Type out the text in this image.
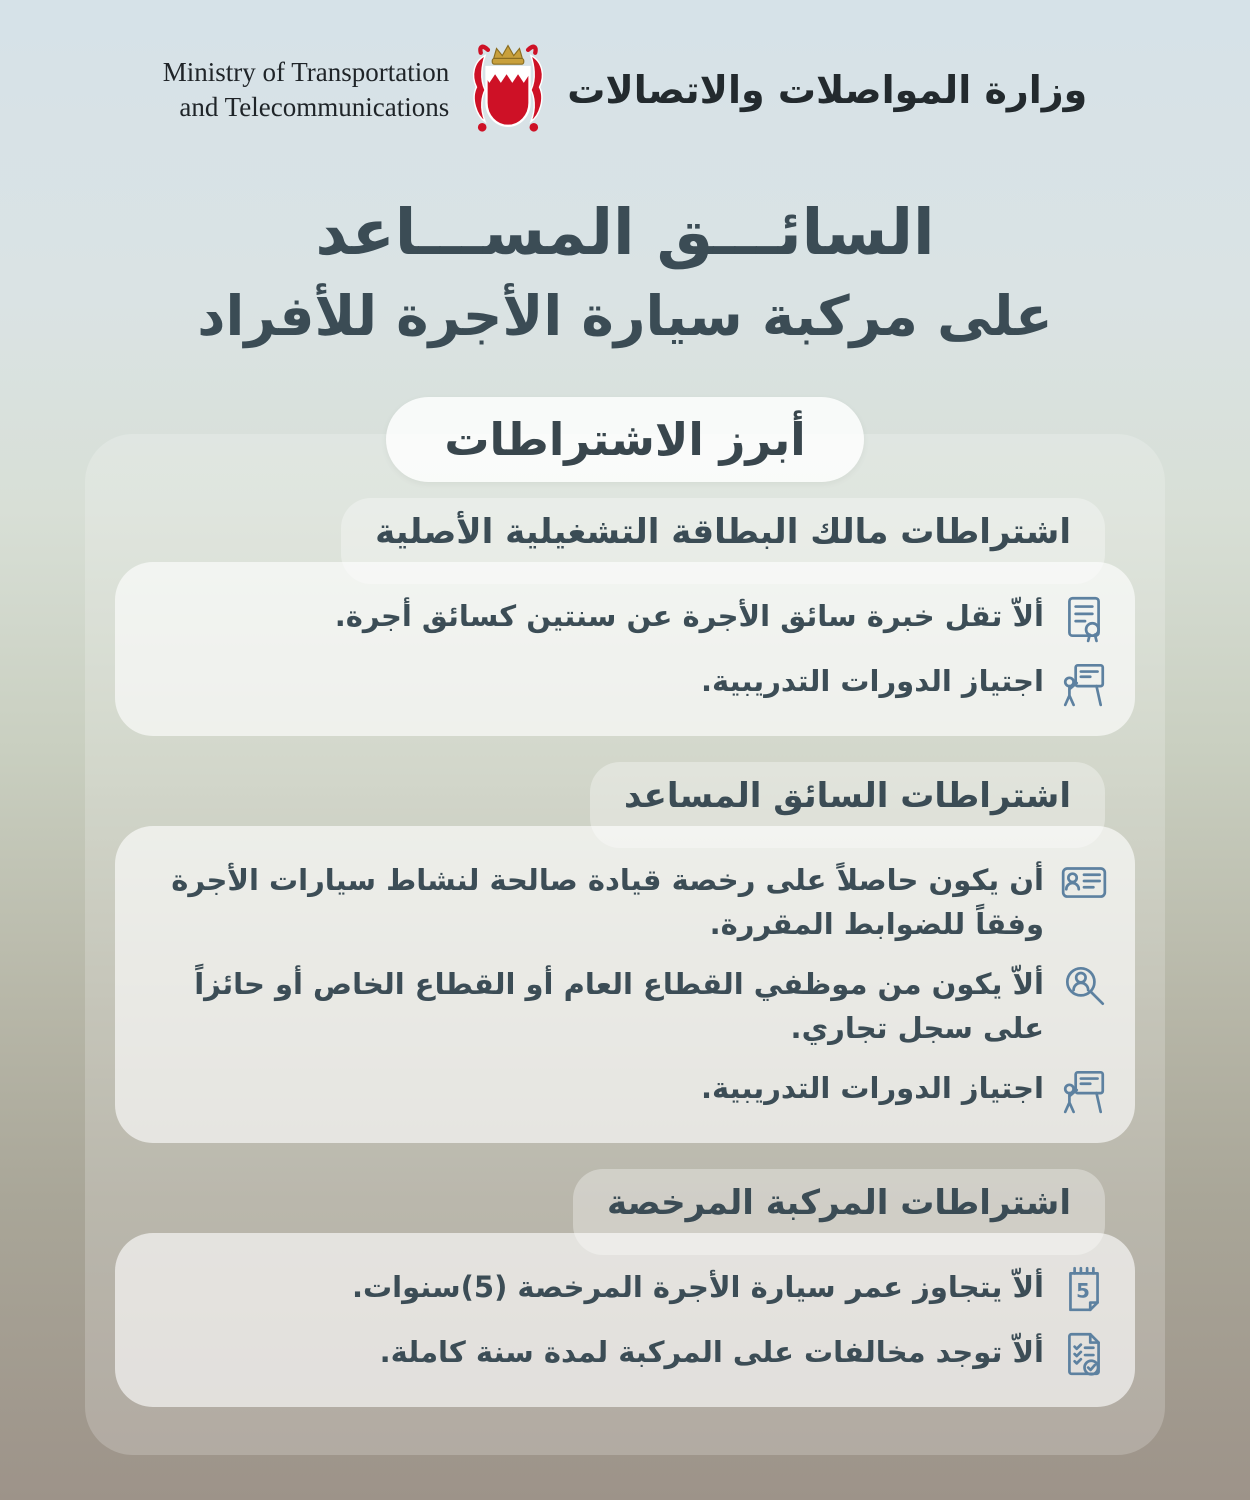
Ministry of Transportation
and Telecommunications	وزارة المواصلات والاتصالات
السائـــق المســـاعد
على مركبة سيارة الأجرة للأفراد
أبرز الاشتراطات
اشتراطات مالك البطاقة التشغيلية الأصلية
ألاّ تقل خبرة سائق الأجرة عن سنتين كسائق أجرة.
اجتياز الدورات التدريبية.
اشتراطات السائق المساعد
أن يكون حاصلاً على رخصة قيادة صالحة لنشاط سيارات الأجرة وفقاً للضوابط المقررة.
ألاّ يكون من موظفي القطاع العام أو القطاع الخاص أو حائزاً على سجل تجاري.
اجتياز الدورات التدريبية.
اشتراطات المركبة المرخصة
ألاّ يتجاوز عمر سيارة الأجرة المرخصة (5)سنوات.
ألاّ توجد مخالفات على المركبة لمدة سنة كاملة.
